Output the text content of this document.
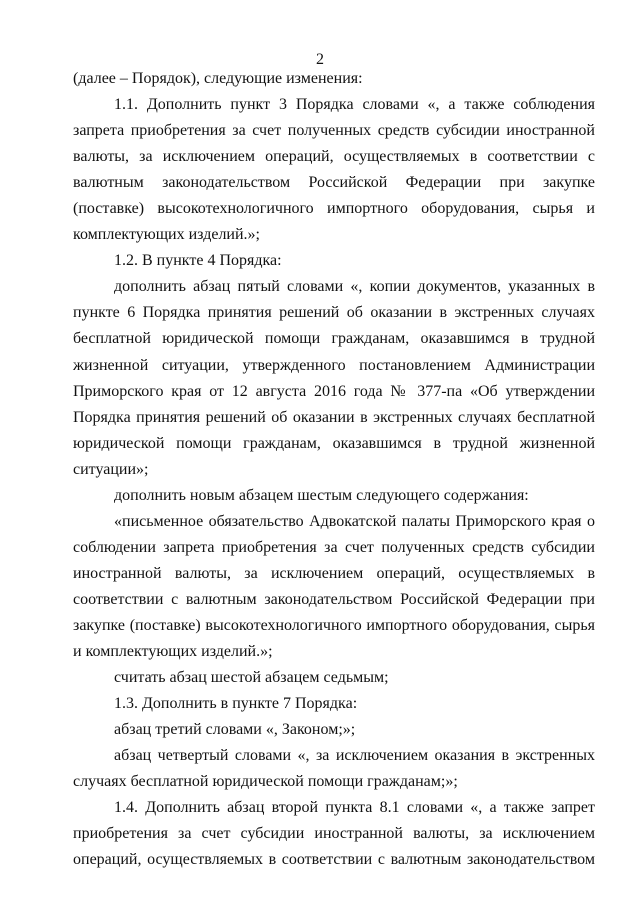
2

(далее – Порядок), следующие изменения:

1.1. Дополнить пункт 3 Порядка словами «, а также соблюдения запрета приобретения за счет полученных средств субсидии иностранной валюты, за исключением операций, осуществляемых в соответствии с валютным законодательством Российской Федерации при закупке (поставке) высокотехнологичного импортного оборудования, сырья и комплектующих изделий.»;

1.2. В пункте 4 Порядка:

дополнить абзац пятый словами «, копии документов, указанных в пункте 6 Порядка принятия решений об оказании в экстренных случаях бесплатной юридической помощи гражданам, оказавшимся в трудной жизненной ситуации, утвержденного постановлением Администрации Приморского края от 12 августа 2016 года № 377-па «Об утверждении Порядка принятия решений об оказании в экстренных случаях бесплатной юридической помощи гражданам, оказавшимся в трудной жизненной ситуации»;

дополнить новым абзацем шестым следующего содержания:

«письменное обязательство Адвокатской палаты Приморского края о соблюдении запрета приобретения за счет полученных средств субсидии иностранной валюты, за исключением операций, осуществляемых в соответствии с валютным законодательством Российской Федерации при закупке (поставке) высокотехнологичного импортного оборудования, сырья и комплектующих изделий.»;

считать абзац шестой абзацем седьмым;

1.3. Дополнить в пункте 7 Порядка:

абзац третий словами «, Законом;»;

абзац четвертый словами «, за исключением оказания в экстренных случаях бесплатной юридической помощи гражданам;»;

1.4. Дополнить абзац второй пункта 8.1 словами «, а также запрет приобретения за счет субсидии иностранной валюты, за исключением операций, осуществляемых в соответствии с валютным законодательством
